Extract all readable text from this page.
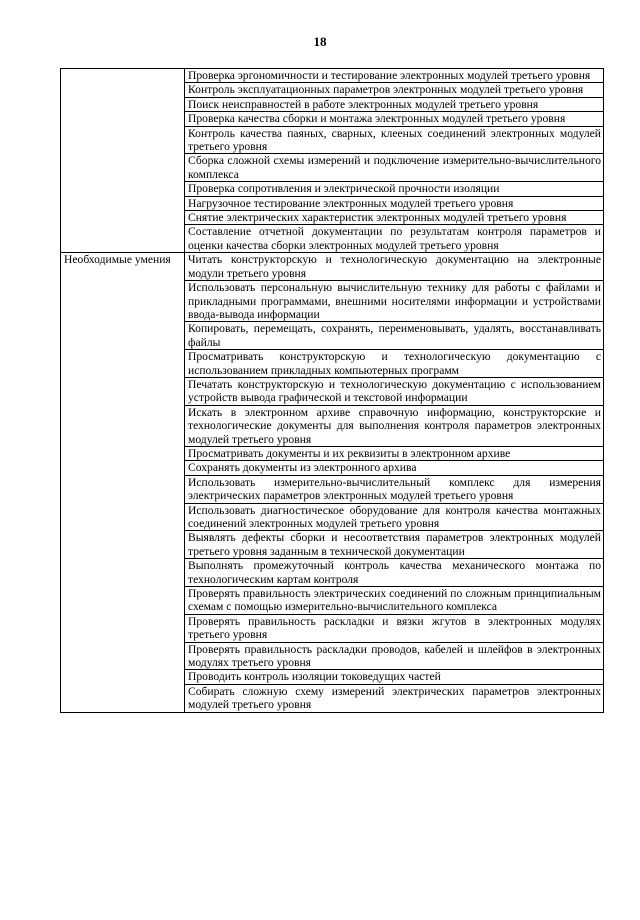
18
	Проверка эргономичности и тестирование электронных модулей третьего уровня
	Контроль эксплуатационных параметров электронных модулей третьего уровня
	Поиск неисправностей в работе электронных модулей третьего уровня
	Проверка качества сборки и монтажа электронных модулей третьего уровня
	Контроль качества паяных, сварных, клееных соединений электронных модулей третьего уровня
	Сборка сложной схемы измерений и подключение измерительно-вычислительного комплекса
	Проверка сопротивления и электрической прочности изоляции
	Нагрузочное тестирование электронных модулей третьего уровня
	Снятие электрических характеристик электронных модулей третьего уровня
	Составление отчетной документации по результатам контроля параметров и оценки качества сборки электронных модулей третьего уровня
Необходимые умения	Читать конструкторскую и технологическую документацию на электронные модули третьего уровня
	Использовать персональную вычислительную технику для работы с файлами и прикладными программами, внешними носителями информации и устройствами ввода-вывода информации
	Копировать, перемещать, сохранять, переименовывать, удалять, восстанавливать файлы
	Просматривать конструкторскую и технологическую документацию с использованием прикладных компьютерных программ
	Печатать конструкторскую и технологическую документацию с использованием устройств вывода графической и текстовой информации
	Искать в электронном архиве справочную информацию, конструкторские и технологические документы для выполнения контроля параметров электронных модулей третьего уровня
	Просматривать документы и их реквизиты в электронном архиве
	Сохранять документы из электронного архива
	Использовать измерительно-вычислительный комплекс для измерения электрических параметров электронных модулей третьего уровня
	Использовать диагностическое оборудование для контроля качества монтажных соединений электронных модулей третьего уровня
	Выявлять дефекты сборки и несоответствия параметров электронных модулей третьего уровня заданным в технической документации
	Выполнять промежуточный контроль качества механического монтажа по технологическим картам контроля
	Проверять правильность электрических соединений по сложным принципиальным схемам с помощью измерительно-вычислительного комплекса
	Проверять правильность раскладки и вязки жгутов в электронных модулях третьего уровня
	Проверять правильность раскладки проводов, кабелей и шлейфов в электронных модулях третьего уровня
	Проводить контроль изоляции токоведущих частей
	Собирать сложную схему измерений электрических параметров электронных модулей третьего уровня
